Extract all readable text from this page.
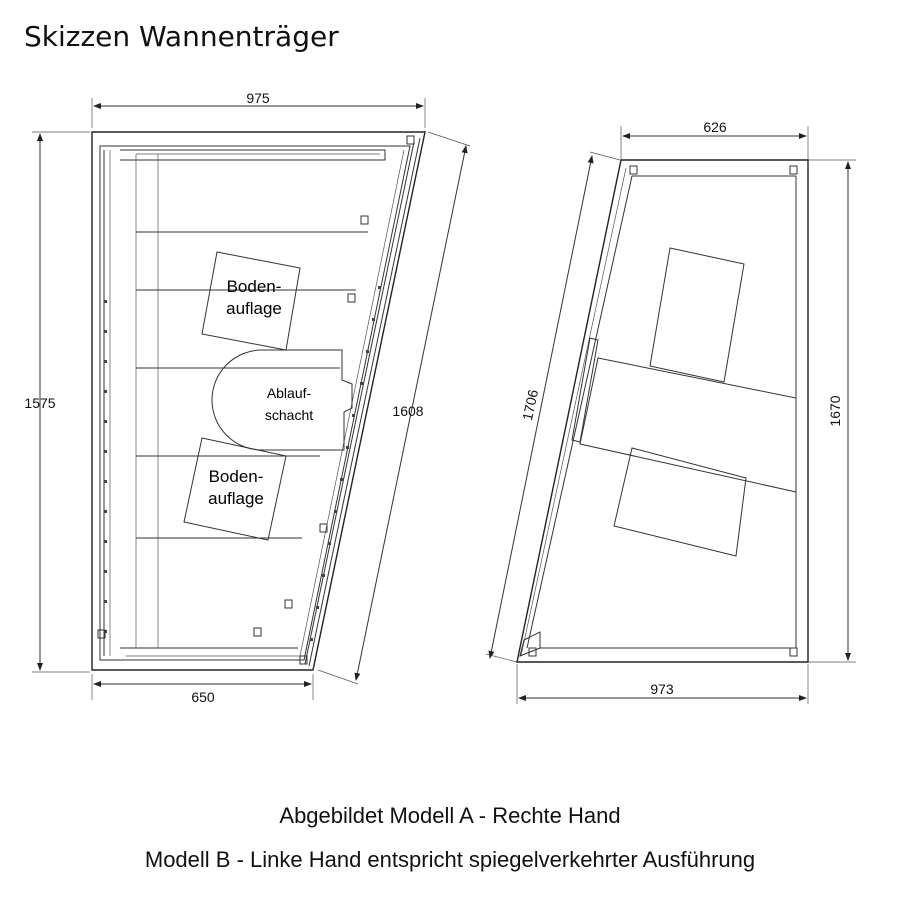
Skizzen Wannenträger
975
1575
650
1608
Boden-
auflage
Ablauf-
schacht
Boden-
auflage
626
973
1670
1706
Abgebildet Modell A - Rechte Hand
Modell B - Linke Hand entspricht spiegelverkehrter Ausführung
